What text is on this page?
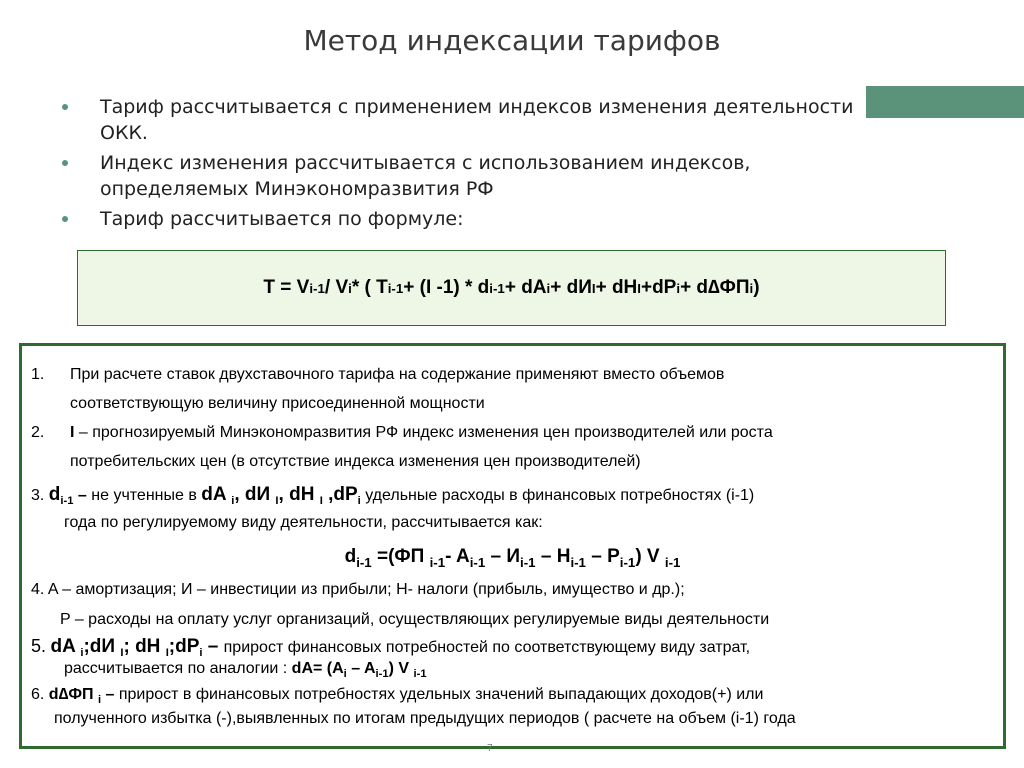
Метод индексации тарифов
Тариф рассчитывается с применением индексов изменения деятельности ОКК.
Индекс изменения рассчитывается с использованием индексов, определяемых Минэкономразвития РФ
Тариф рассчитывается по формуле:
T = V i-1 / V i * ( T i-1 + (I -1) * d i-1 + dA i + dИ I + dH I +dP i + d∆ФП i )
1. При расчете ставок двухставочного тарифа на содержание применяют вместо объемов
соответствующую величину присоединенной мощности
2. I – прогнозируемый Минэкономразвития РФ индекс изменения цен производителей или роста
потребительских цен (в отсутствие индекса изменения цен производителей)
3. $d_{i-1}$ – не учтенные в dA $_i$, dИ $_I$, dH $_I$ $,dP_i$ удельные расходы в финансовых потребностях (i-1)
года по регулируемому виду деятельности, рассчитывается как:
$d_{i-1} =(ФП$ $_{i-1}$- $A_{i-1} - И_{i-1} - H_{i-1} - P_{i-1}$) V $_{i-1}$
4. A – амортизация; И – инвестиции из прибыли; Н- налоги (прибыль, имущество и др.);
P – расходы на оплату услуг организаций, осуществляющих регулируемые виды деятельности
5. dA $_i$;dИ $_I$; dH $_I;dP_i$ – прирост финансовых потребностей по соответствующему виду затрат,
рассчитывается по аналогии : $dA= (A_i - A_{i-1})$ V $_{i-1}$
6. d∆ФП $_i$ – прирост в финансовых потребностях удельных значений выпадающих доходов(+) или
полученного избытка (-),выявленных по итогам предыдущих периодов ( расчете на объем (i-1) года
7
